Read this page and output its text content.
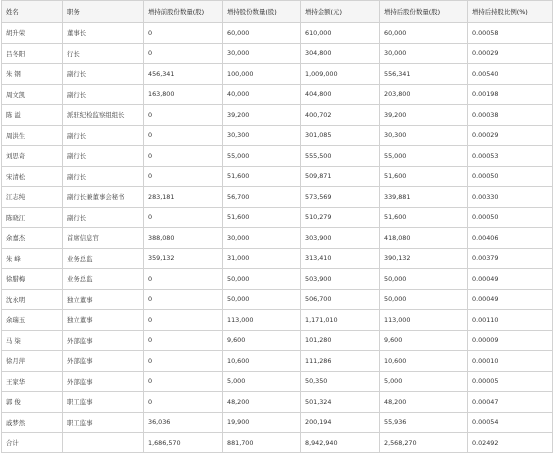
姓名	职务	增持前股份数量(股)	增持股份数量(股)	增持金额(元)	增持后股份数量(股)	增持后持股比例(%)
胡升荣	董事长	0	60,000	610,000	60,000	0.00058
吕冬阳	行长	0	30,000	304,800	30,000	0.00029
朱 钢	副行长	456,341	100,000	1,009,000	556,341	0.00540
周文凯	副行长	163,800	40,000	404,800	203,800	0.00198
陈 溢	派驻纪检监察组组长	0	39,200	400,702	39,200	0.00038
周洪生	副行长	0	30,300	301,085	30,300	0.00029
刘思奇	副行长	0	55,000	555,500	55,000	0.00053
宋清松	副行长	0	51,600	509,871	51,600	0.00050
江志纯	副行长兼董事会秘书	283,181	56,700	573,569	339,881	0.00330
陈晓江	副行长	0	51,600	510,279	51,600	0.00050
余嘉杰	首席信息官	388,080	30,000	303,900	418,080	0.00406
朱 峰	业务总监	359,132	31,000	313,410	390,132	0.00379
徐腊梅	业务总监	0	50,000	503,900	50,000	0.00049
沈永明	独立董事	0	50,000	506,700	50,000	0.00049
余瑞玉	独立董事	0	113,000	1,171,010	113,000	0.00110
马 柒	外部监事	0	9,600	101,280	9,600	0.00009
徐月萍	外部监事	0	10,600	111,286	10,600	0.00010
王家华	外部监事	0	5,000	50,350	5,000	0.00005
郭 俊	职工监事	0	48,200	501,324	48,200	0.00047
戚梦然	职工监事	36,036	19,900	200,194	55,936	0.00054
合计		1,686,570	881,700	8,942,940	2,568,270	0.02492
